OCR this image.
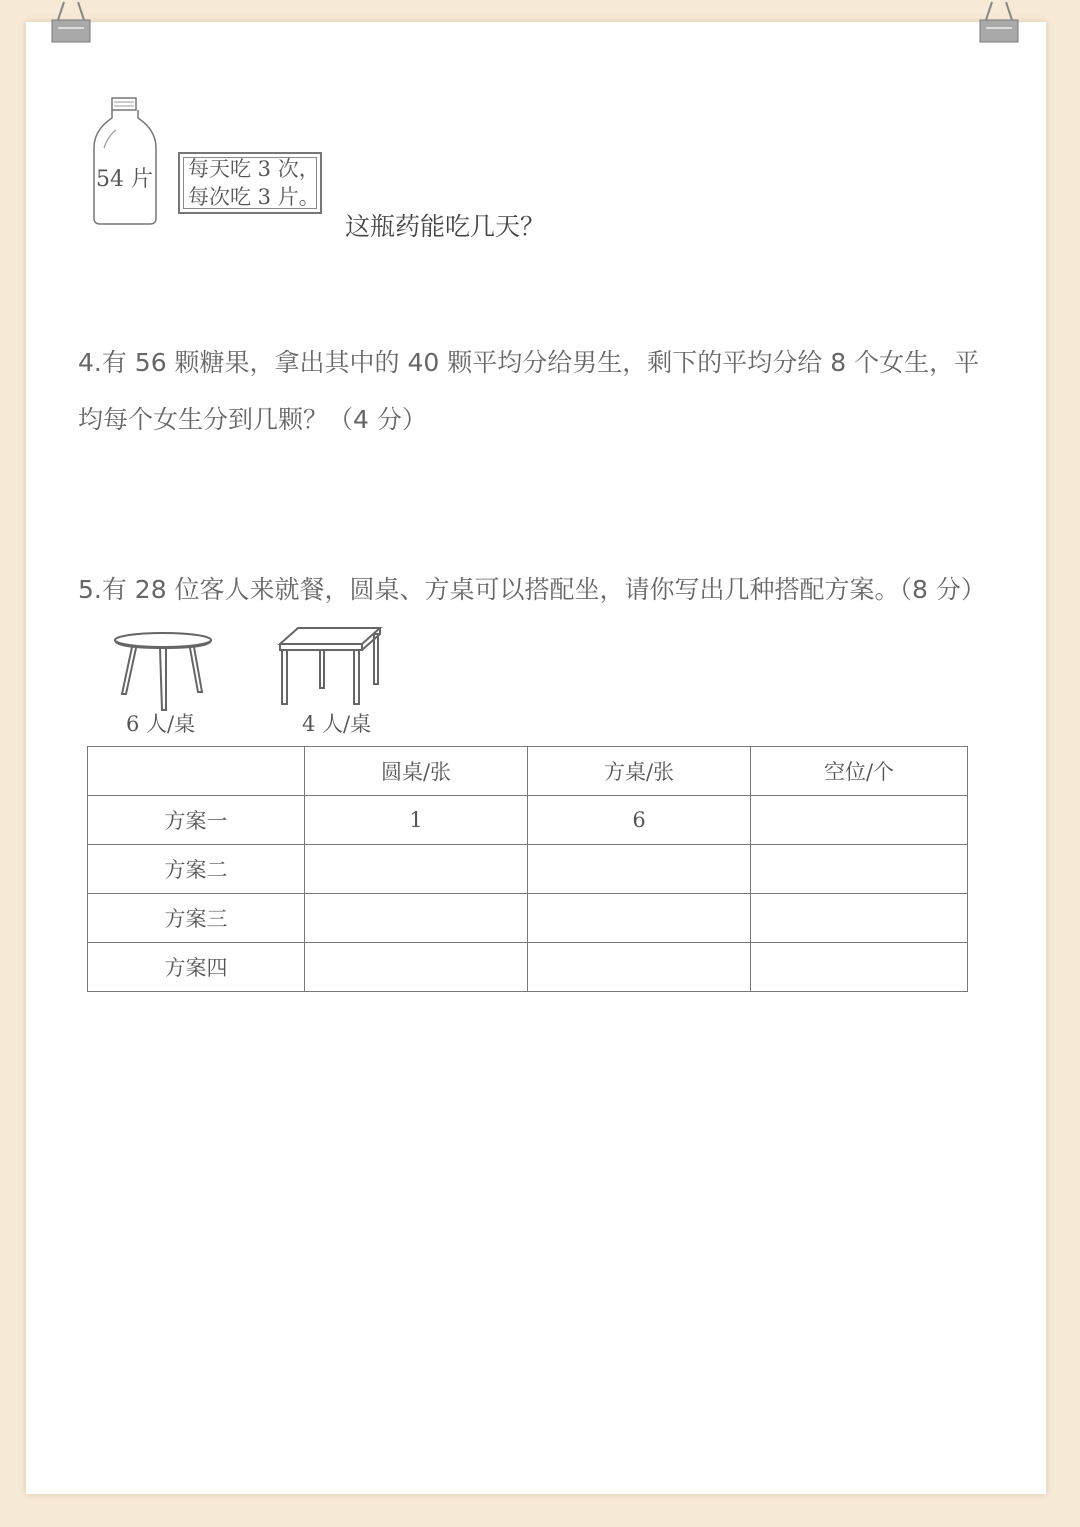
54 片 每天吃 3 次，
每次吃 3 片。
这瓶药能吃几天？
4.有 56 颗糖果，拿出其中的 40 颗平均分给男生，剩下的平均分给 8 个女生，平均每个女生分到几颗？（4 分）
5.有 28 位客人来就餐，圆桌、方桌可以搭配坐，请你写出几种搭配方案。（8 分）
6 人/桌	4 人/桌
	圆桌/张	方桌/张	空位/个
方案一	1	6	
方案二			
方案三			
方案四			
